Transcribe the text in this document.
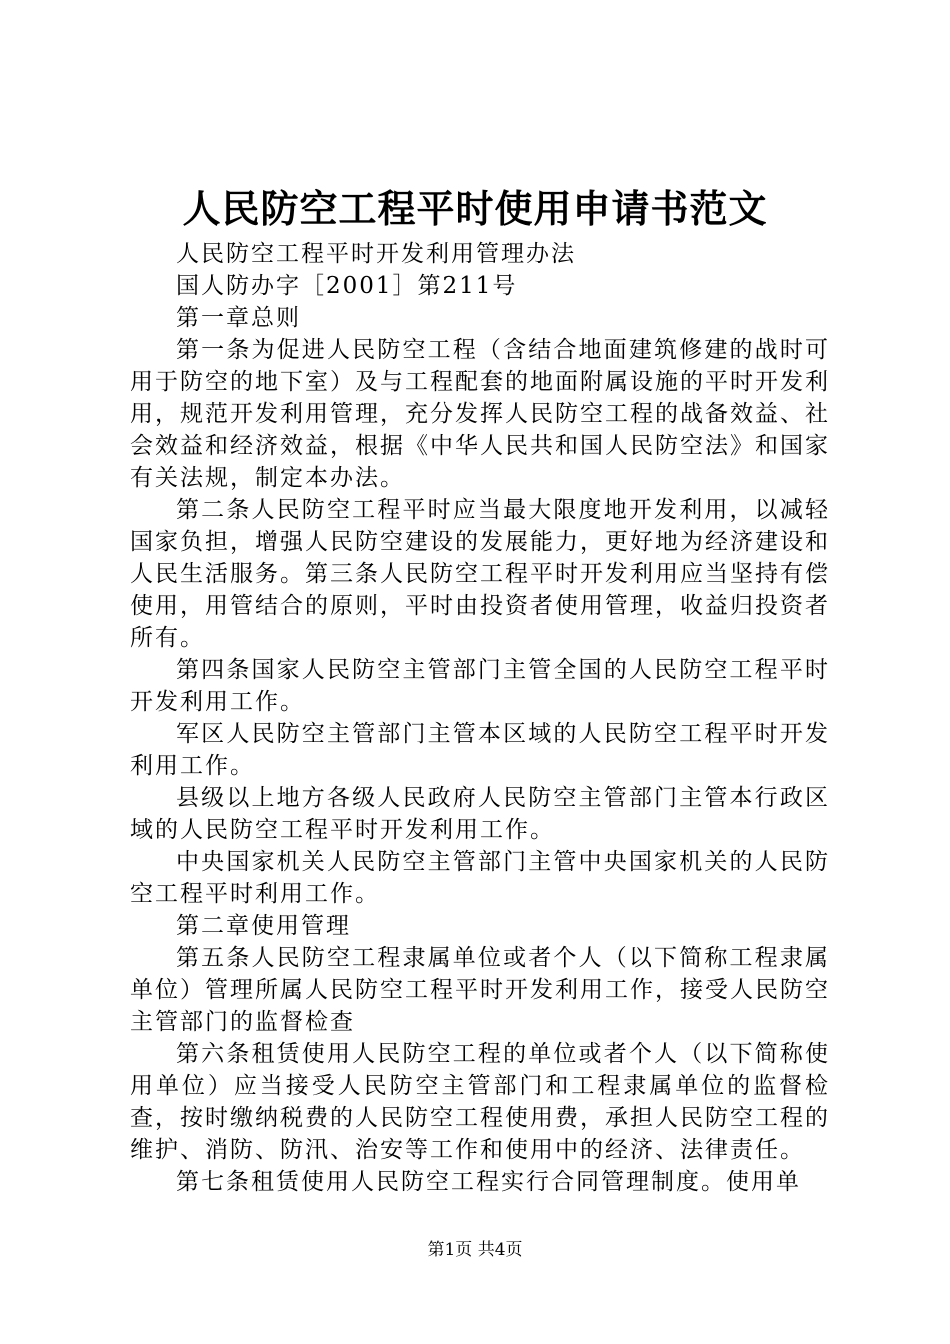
人民防空工程平时使用申请书范文

人民防空工程平时开发利用管理办法

国人防办字［2001］第211号

第一章总则

第一条为促进人民防空工程（含结合地面建筑修建的战时可用于防空的地下室）及与工程配套的地面附属设施的平时开发利用，规范开发利用管理，充分发挥人民防空工程的战备效益、社会效益和经济效益，根据《中华人民共和国人民防空法》和国家有关法规，制定本办法。

第二条人民防空工程平时应当最大限度地开发利用，以减轻国家负担，增强人民防空建设的发展能力，更好地为经济建设和人民生活服务。第三条人民防空工程平时开发利用应当坚持有偿使用，用管结合的原则，平时由投资者使用管理，收益归投资者所有。

第四条国家人民防空主管部门主管全国的人民防空工程平时开发利用工作。

军区人民防空主管部门主管本区域的人民防空工程平时开发利用工作。

县级以上地方各级人民政府人民防空主管部门主管本行政区域的人民防空工程平时开发利用工作。

中央国家机关人民防空主管部门主管中央国家机关的人民防空工程平时利用工作。

第二章使用管理

第五条人民防空工程隶属单位或者个人（以下简称工程隶属单位）管理所属人民防空工程平时开发利用工作，接受人民防空主管部门的监督检查

第六条租赁使用人民防空工程的单位或者个人（以下简称使用单位）应当接受人民防空主管部门和工程隶属单位的监督检查，按时缴纳税费的人民防空工程使用费，承担人民防空工程的维护、消防、防汛、治安等工作和使用中的经济、法律责任。

第七条租赁使用人民防空工程实行合同管理制度。使用单

第1页 共4页
